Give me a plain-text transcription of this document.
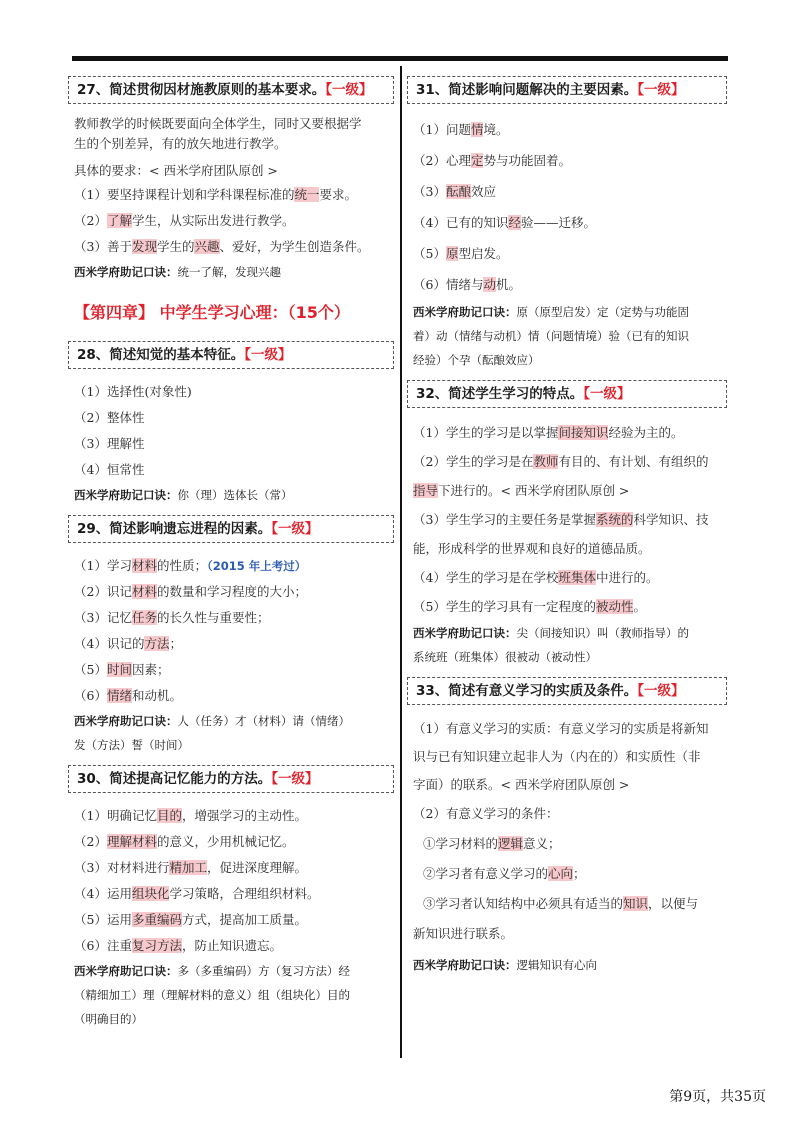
27、简述贯彻因材施教原则的基本要求。【一级】
教师教学的时候既要面向全体学生，同时又要根据学
生的个别差异，有的放矢地进行教学。
具体的要求：< 西米学府团队原创 >
（1）要坚持课程计划和学科课程标准的统一要求。
（2）了解学生，从实际出发进行教学。
（3）善于发现学生的兴趣、爱好，为学生创造条件。
西米学府助记口诀：统一了解，发现兴趣
【第四章】 中学生学习心理：（15个）
28、简述知觉的基本特征。【一级】
（1）选择性(对象性)
（2）整体性
（3）理解性
（4）恒常性
西米学府助记口诀：你（理）选体长（常）
29、简述影响遗忘进程的因素。【一级】
（1）学习材料的性质；（2015 年上考过）
（2）识记材料的数量和学习程度的大小；
（3）记忆任务的长久性与重要性；
（4）识记的方法；
（5）时间因素；
（6）情绪和动机。
西米学府助记口诀：人（任务）才（材料）请（情绪）
发（方法）誓（时间）
30、简述提高记忆能力的方法。【一级】
（1）明确记忆目的，增强学习的主动性。
（2）理解材料的意义，少用机械记忆。
（3）对材料进行精加工，促进深度理解。
（4）运用组块化学习策略，合理组织材料。
（5）运用多重编码方式，提高加工质量。
（6）注重复习方法，防止知识遗忘。
西米学府助记口诀：多（多重编码）方（复习方法）经
（精细加工）理（理解材料的意义）组（组块化）目的
（明确目的）
31、简述影响问题解决的主要因素。【一级】
（1）问题情境。
（2）心理定势与功能固着。
（3）酝酿效应
（4）已有的知识经验——迁移。
（5）原型启发。
（6）情绪与动机。
西米学府助记口诀：原（原型启发）定（定势与功能固
着）动（情绪与动机）情（问题情境）验（已有的知识
经验）个孕（酝酿效应）
32、简述学生学习的特点。【一级】
（1）学生的学习是以掌握间接知识经验为主的。
（2）学生的学习是在教师有目的、有计划、有组织的
指导下进行的。< 西米学府团队原创 >
（3）学生学习的主要任务是掌握系统的科学知识、技
能，形成科学的世界观和良好的道德品质。
（4）学生的学习是在学校班集体中进行的。
（5）学生的学习具有一定程度的被动性。
西米学府助记口诀：尖（间接知识）叫（教师指导）的
系统班（班集体）很被动（被动性）
33、简述有意义学习的实质及条件。【一级】
（1）有意义学习的实质：有意义学习的实质是将新知
识与已有知识建立起非人为（内在的）和实质性（非
字面）的联系。< 西米学府团队原创 >
（2）有意义学习的条件：
①学习材料的逻辑意义；
②学习者有意义学习的心向；
③学习者认知结构中必须具有适当的知识，以便与
新知识进行联系。
西米学府助记口诀：逻辑知识有心向
第9页，共35页
